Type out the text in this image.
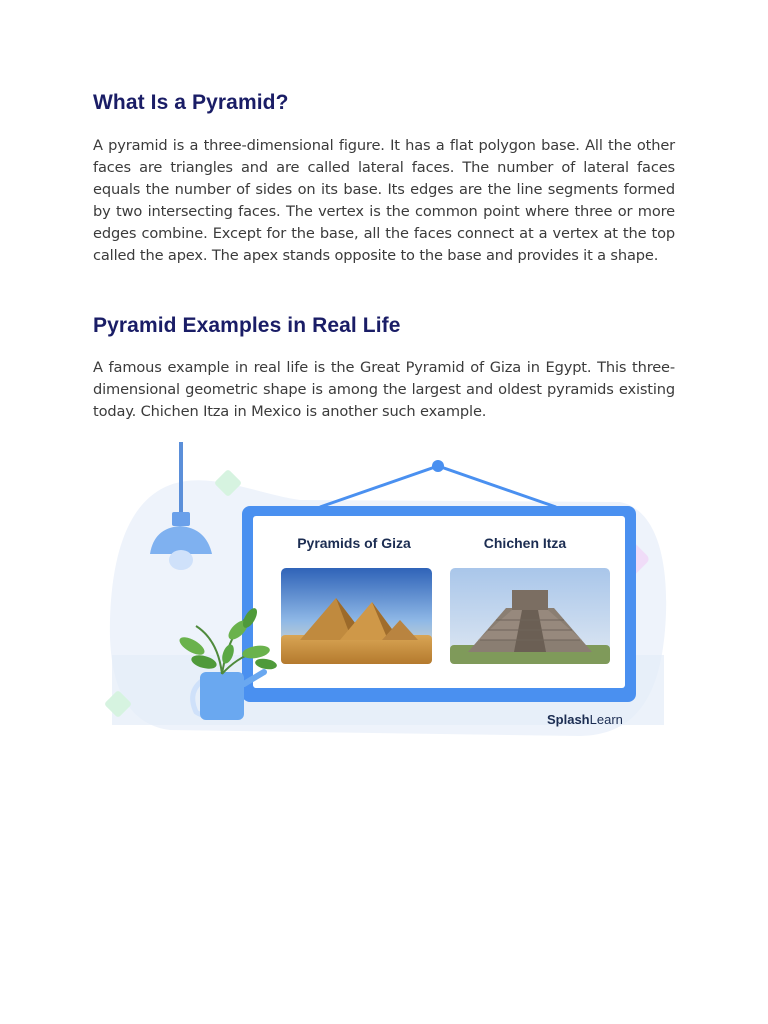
What Is a Pyramid?

A pyramid is a three-dimensional figure. It has a flat polygon base. All the other faces are triangles and are called lateral faces. The number of lateral faces equals the number of sides on its base. Its edges are the line segments formed by two intersecting faces. The vertex is the common point where three or more edges combine. Except for the base, all the faces connect at a vertex at the top called the apex. The apex stands opposite to the base and provides it a shape.

Pyramid Examples in Real Life

A famous example in real life is the Great Pyramid of Giza in Egypt. This three-dimensional geometric shape is among the largest and oldest pyramids existing today. Chichen Itza in Mexico is another such example.

Pyramids of Giza	Chichen Itza
SplashLearn
